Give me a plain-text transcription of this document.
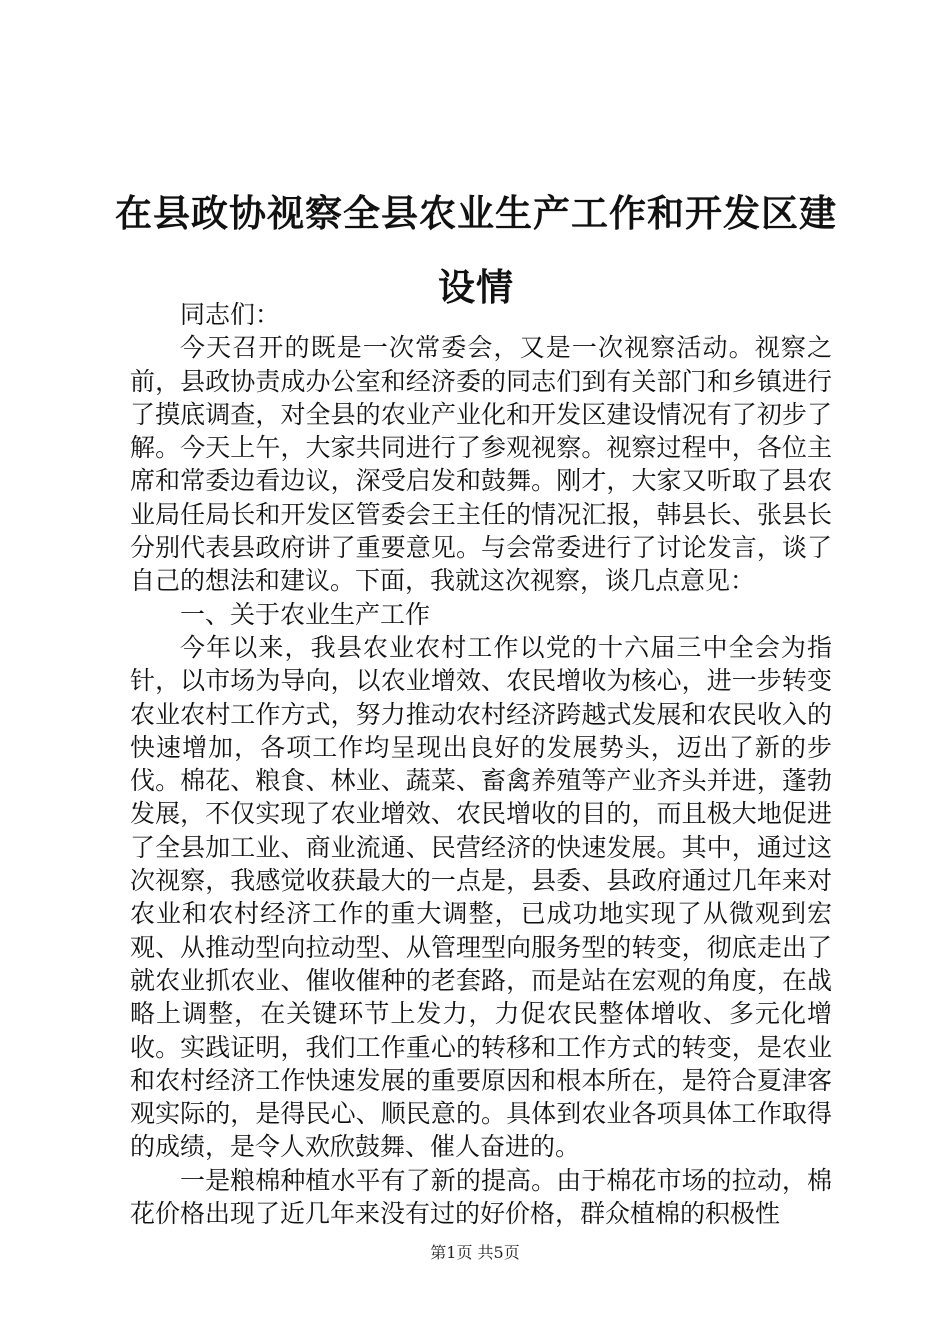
在县政协视察全县农业生产工作和开发区建设情

同志们：

今天召开的既是一次常委会，又是一次视察活动。视察之前，县政协责成办公室和经济委的同志们到有关部门和乡镇进行了摸底调查，对全县的农业产业化和开发区建设情况有了初步了解。今天上午，大家共同进行了参观视察。视察过程中，各位主席和常委边看边议，深受启发和鼓舞。刚才，大家又听取了县农业局任局长和开发区管委会王主任的情况汇报，韩县长、张县长分别代表县政府讲了重要意见。与会常委进行了讨论发言，谈了自己的想法和建议。下面，我就这次视察，谈几点意见：

一、关于农业生产工作

今年以来，我县农业农村工作以党的十六届三中全会为指针，以市场为导向，以农业增效、农民增收为核心，进一步转变农业农村工作方式，努力推动农村经济跨越式发展和农民收入的快速增加，各项工作均呈现出良好的发展势头，迈出了新的步伐。棉花、粮食、林业、蔬菜、畜禽养殖等产业齐头并进，蓬勃发展，不仅实现了农业增效、农民增收的目的，而且极大地促进了全县加工业、商业流通、民营经济的快速发展。其中，通过这次视察，我感觉收获最大的一点是，县委、县政府通过几年来对农业和农村经济工作的重大调整，已成功地实现了从微观到宏观、从推动型向拉动型、从管理型向服务型的转变，彻底走出了就农业抓农业、催收催种的老套路，而是站在宏观的角度，在战略上调整，在关键环节上发力，力促农民整体增收、多元化增收。实践证明，我们工作重心的转移和工作方式的转变，是农业和农村经济工作快速发展的重要原因和根本所在，是符合夏津客观实际的，是得民心、顺民意的。具体到农业各项具体工作取得的成绩，是令人欢欣鼓舞、催人奋进的。

一是粮棉种植水平有了新的提高。由于棉花市场的拉动，棉花价格出现了近几年来没有过的好价格，群众植棉的积极性

第1页 共5页
